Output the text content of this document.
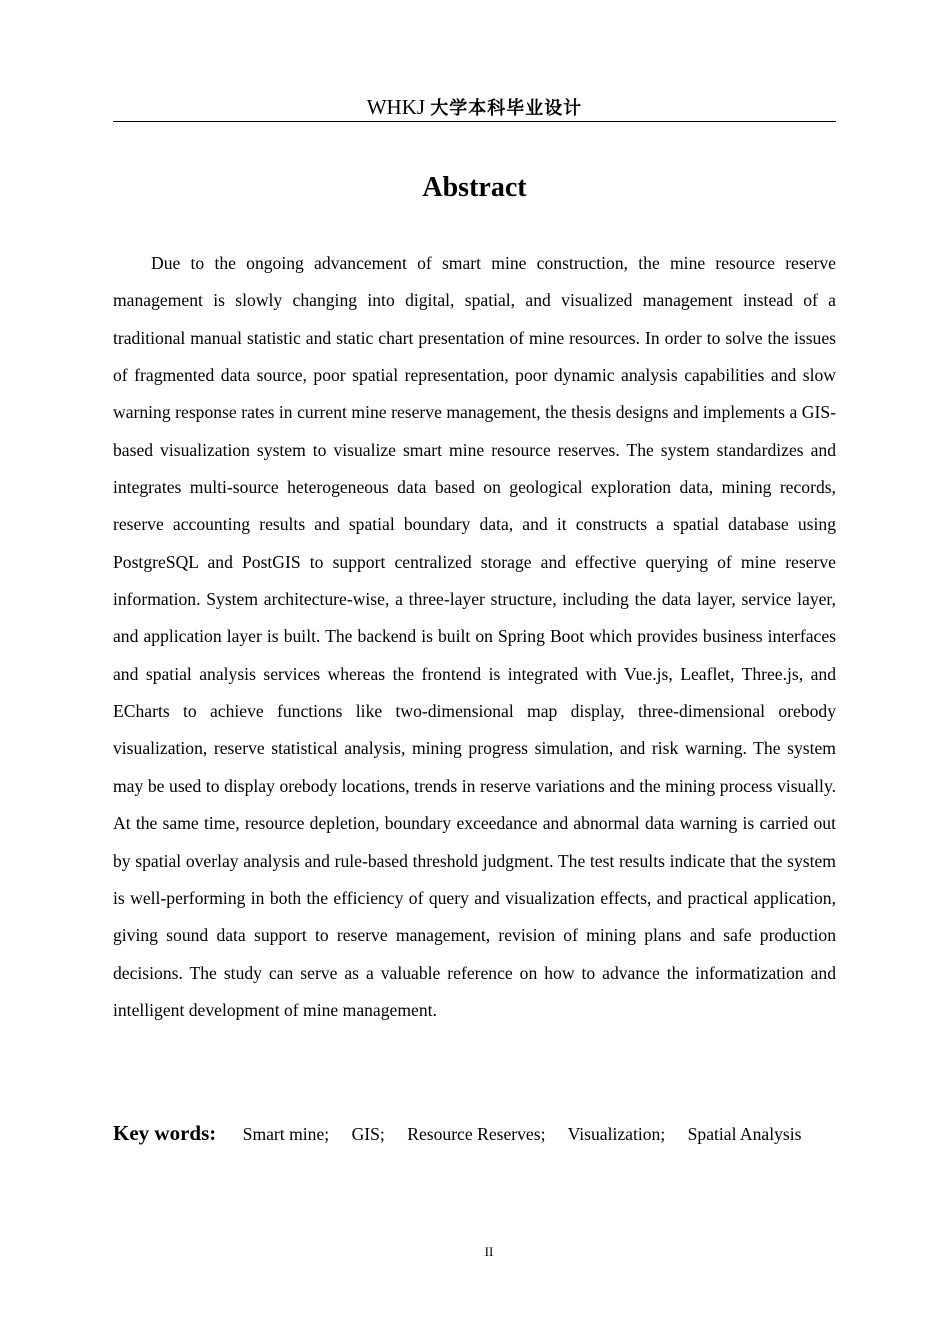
WHKJ 大学本科毕业设计
Abstract

Due to the ongoing advancement of smart mine construction, the mine resource reserve management is slowly changing into digital, spatial, and visualized management instead of a traditional manual statistic and static chart presentation of mine resources. In order to solve the issues of fragmented data source, poor spatial representation, poor dynamic analysis capabilities and slow warning response rates in current mine reserve management, the thesis designs and implements a GIS-based visualization system to visualize smart mine resource reserves. The system standardizes and integrates multi-source heterogeneous data based on geological exploration data, mining records, reserve accounting results and spatial boundary data, and it constructs a spatial database using PostgreSQL and PostGIS to support centralized storage and effective querying of mine reserve information. System architecture-wise, a three-layer structure, including the data layer, service layer, and application layer is built. The backend is built on Spring Boot which provides business interfaces and spatial analysis services whereas the frontend is integrated with Vue.js, Leaflet, Three.js, and ECharts to achieve functions like two-dimensional map display, three-dimensional orebody visualization, reserve statistical analysis, mining progress simulation, and risk warning. The system may be used to display orebody locations, trends in reserve variations and the mining process visually. At the same time, resource depletion, boundary exceedance and abnormal data warning is carried out by spatial overlay analysis and rule-based threshold judgment. The test results indicate that the system is well-performing in both the efficiency of query and visualization effects, and practical application, giving sound data support to reserve management, revision of mining plans and safe production decisions. The study can serve as a valuable reference on how to advance the informatization and intelligent development of mine management.

Key words: Smart mine; GIS; Resource Reserves; Visualization; Spatial Analysis
II
